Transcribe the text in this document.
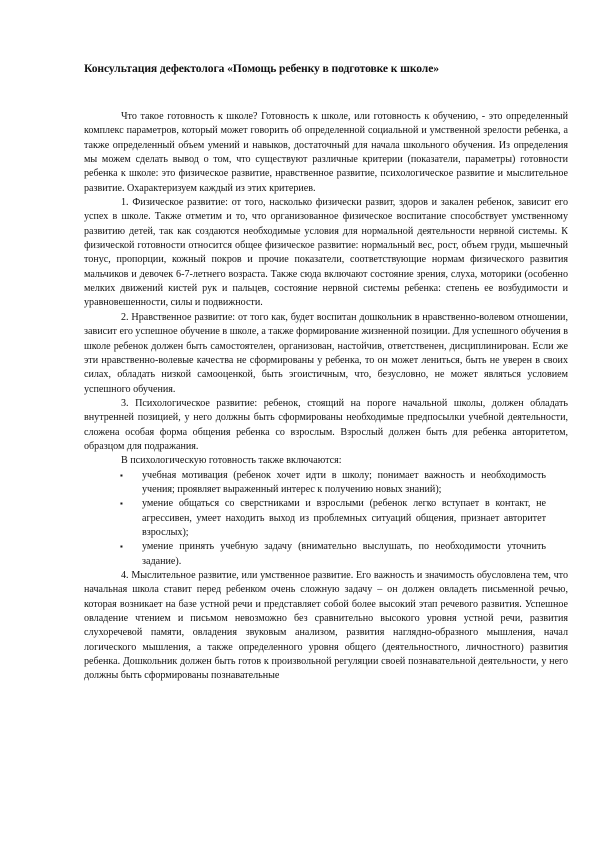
Консультация дефектолога «Помощь ребенку в подготовке к школе»

Что такое готовность к школе? Готовность к школе, или готовность к обучению, - это определенный комплекс параметров, который может говорить об определенной социальной и умственной зрелости ребенка, а также определенный объем умений и навыков, достаточный для начала школьного обучения. Из определения мы можем сделать вывод о том, что существуют различные критерии (показатели, параметры) готовности ребенка к школе: это физическое развитие, нравственное развитие, психологическое развитие и мыслительное развитие. Охарактеризуем каждый из этих критериев.

1. Физическое развитие: от того, насколько физически развит, здоров и закален ребенок, зависит его успех в школе. Также отметим и то, что организованное физическое воспитание способствует умственному развитию детей, так как создаются необходимые условия для нормальной деятельности нервной системы. К физической готовности относится общее физическое развитие: нормальный вес, рост, объем груди, мышечный тонус, пропорции, кожный покров и прочие показатели, соответствующие нормам физического развития мальчиков и девочек 6-7-летнего возраста. Также сюда включают состояние зрения, слуха, моторики (особенно мелких движений кистей рук и пальцев, состояние нервной системы ребенка: степень ее возбудимости и уравновешенности, силы и подвижности.

2. Нравственное развитие: от того как, будет воспитан дошкольник в нравственно-волевом отношении, зависит его успешное обучение в школе, а также формирование жизненной позиции. Для успешного обучения в школе ребенок должен быть самостоятелен, организован, настойчив, ответственен, дисциплинирован. Если же эти нравственно-волевые качества не сформированы у ребенка, то он может лениться, быть не уверен в своих силах, обладать низкой самооценкой, быть эгоистичным, что, безусловно, не может являться условием успешного обучения.

3. Психологическое развитие: ребенок, стоящий на пороге начальной школы, должен обладать внутренней позицией, у него должны быть сформированы необходимые предпосылки учебной деятельности, сложена особая форма общения ребенка со взрослым. Взрослый должен быть для ребенка авторитетом, образцом для подражания.

В психологическую готовность также включаются:

▪ учебная мотивация (ребенок хочет идти в школу; понимает важность и необходимость учения; проявляет выраженный интерес к получению новых знаний);
▪ умение общаться со сверстниками и взрослыми (ребенок легко вступает в контакт, не агрессивен, умеет находить выход из проблемных ситуаций общения, признает авторитет взрослых);
▪ умение принять учебную задачу (внимательно выслушать, по необходимости уточнить задание).

4. Мыслительное развитие, или умственное развитие. Его важность и значимость обусловлена тем, что начальная школа ставит перед ребенком очень сложную задачу – он должен овладеть письменной речью, которая возникает на базе устной речи и представляет собой более высокий этап речевого развития. Успешное овладение чтением и письмом невозможно без сравнительно высокого уровня устной речи, развития слухоречевой памяти, овладения звуковым анализом, развития наглядно-образного мышления, начал логического мышления, а также определенного уровня общего (деятельностного, личностного) развития ребенка. Дошкольник должен быть готов к произвольной регуляции своей познавательной деятельности, у него должны быть сформированы познавательные
